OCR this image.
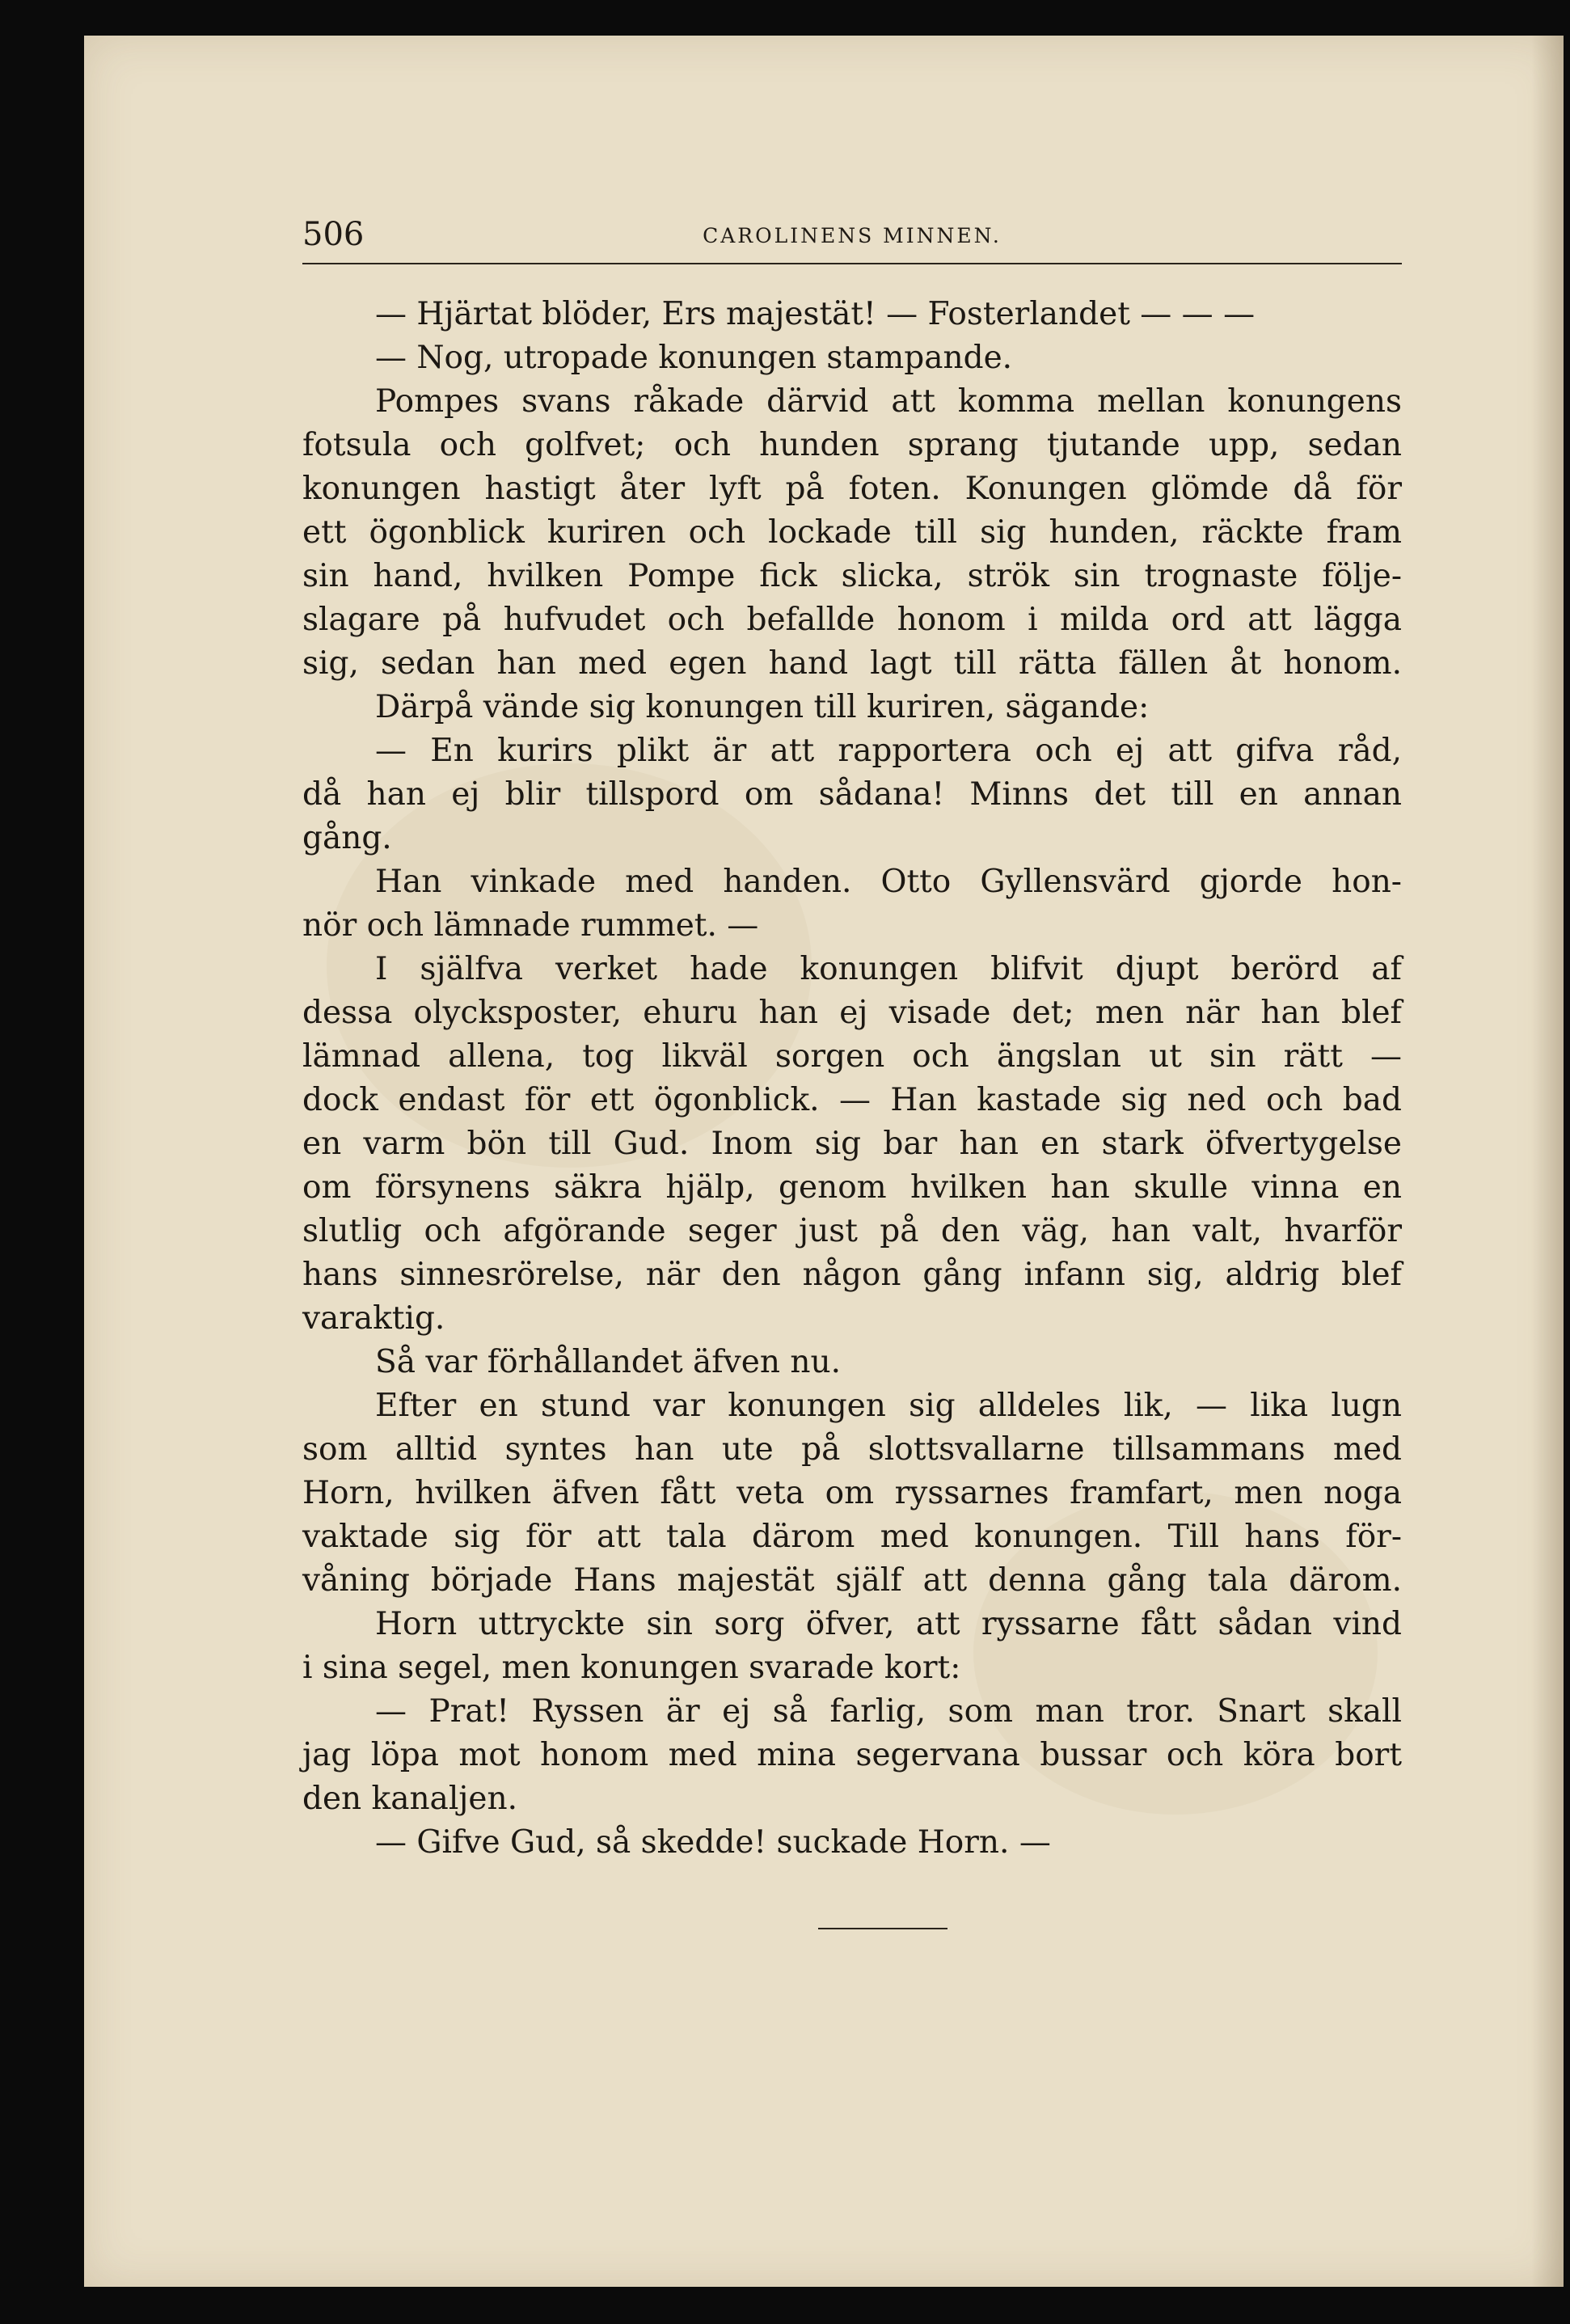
506	CAROLINENS MINNEN.
— Hjärtat blöder, Ers majestät! — Fosterlandet — — —
— Nog, utropade konungen stampande.
Pompes svans råkade därvid att komma mellan konungens
fotsula och golfvet; och hunden sprang tjutande upp, sedan
konungen hastigt åter lyft på foten. Konungen glömde då för
ett ögonblick kuriren och lockade till sig hunden, räckte fram
sin hand, hvilken Pompe fick slicka, strök sin trognaste följe-
slagare på hufvudet och befallde honom i milda ord att lägga
sig, sedan han med egen hand lagt till rätta fällen åt honom.
Därpå vände sig konungen till kuriren, sägande:
— En kurirs plikt är att rapportera och ej att gifva råd,
då han ej blir tillspord om sådana! Minns det till en annan
gång.
Han vinkade med handen. Otto Gyllensvärd gjorde hon-
nör och lämnade rummet. —
I själfva verket hade konungen blifvit djupt berörd af
dessa olycksposter, ehuru han ej visade det; men när han blef
lämnad allena, tog likväl sorgen och ängslan ut sin rätt —
dock endast för ett ögonblick. — Han kastade sig ned och bad
en varm bön till Gud. Inom sig bar han en stark öfvertygelse
om försynens säkra hjälp, genom hvilken han skulle vinna en
slutlig och afgörande seger just på den väg, han valt, hvarför
hans sinnesrörelse, när den någon gång infann sig, aldrig blef
varaktig.
Så var förhållandet äfven nu.
Efter en stund var konungen sig alldeles lik, — lika lugn
som alltid syntes han ute på slottsvallarne tillsammans med
Horn, hvilken äfven fått veta om ryssarnes framfart, men noga
vaktade sig för att tala därom med konungen. Till hans för-
våning började Hans majestät själf att denna gång tala därom.
Horn uttryckte sin sorg öfver, att ryssarne fått sådan vind
i sina segel, men konungen svarade kort:
— Prat! Ryssen är ej så farlig, som man tror. Snart skall
jag löpa mot honom med mina segervana bussar och köra bort
den kanaljen.
— Gifve Gud, så skedde! suckade Horn. —
